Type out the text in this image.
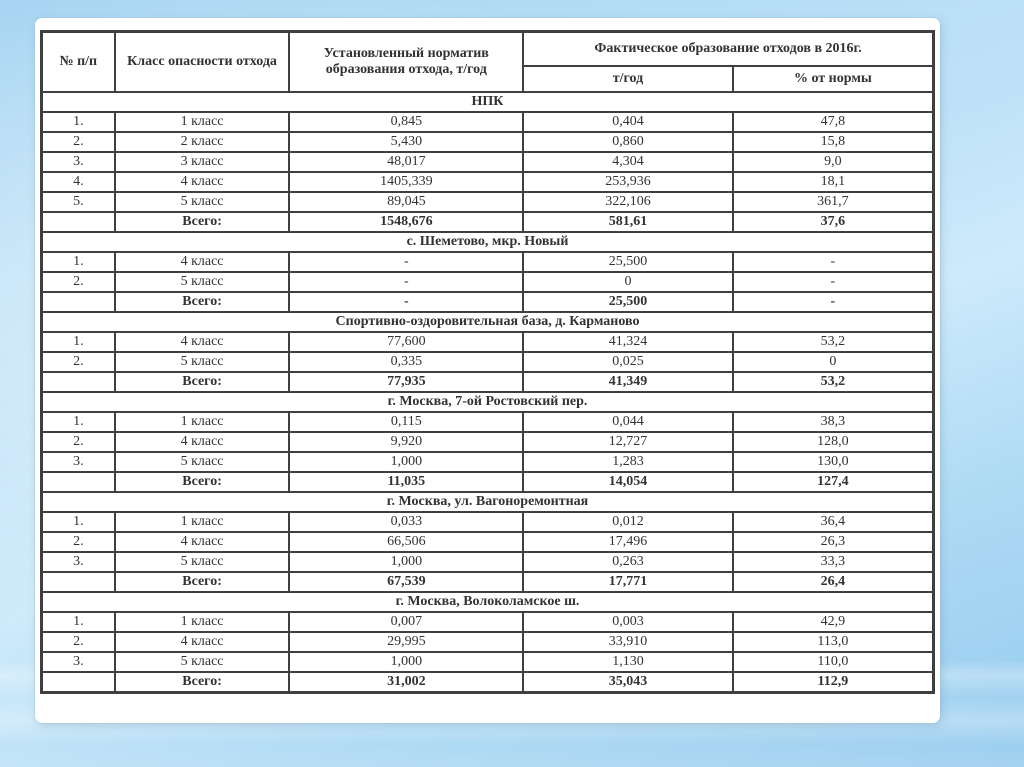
№ п/п	Класс опасности отхода	Установленный норматив образования отхода, т/год	Фактическое образование отходов в 2016г.	
			т/год	% от нормы
НПК				
1.	1 класс	0,845	0,404	47,8
2.	2 класс	5,430	0,860	15,8
3.	3 класс	48,017	4,304	9,0
4.	4 класс	1405,339	253,936	18,1
5.	5 класс	89,045	322,106	361,7
	Всего:	1548,676	581,61	37,6
с. Шеметово, мкр. Новый				
1.	4 класс	-	25,500	-
2.	5 класс	-	0	-
	Всего:	-	25,500	-
Спортивно-оздоровительная база, д. Карманово				
1.	4 класс	77,600	41,324	53,2
2.	5 класс	0,335	0,025	0
	Всего:	77,935	41,349	53,2
г. Москва, 7-ой Ростовский пер.				
1.	1 класс	0,115	0,044	38,3
2.	4 класс	9,920	12,727	128,0
3.	5 класс	1,000	1,283	130,0
	Всего:	11,035	14,054	127,4
г. Москва, ул. Вагоноремонтная				
1.	1 класс	0,033	0,012	36,4
2.	4 класс	66,506	17,496	26,3
3.	5 класс	1,000	0,263	33,3
	Всего:	67,539	17,771	26,4
г. Москва, Волоколамское ш.				
1.	1 класс	0,007	0,003	42,9
2.	4 класс	29,995	33,910	113,0
3.	5 класс	1,000	1,130	110,0
	Всего:	31,002	35,043	112,9
